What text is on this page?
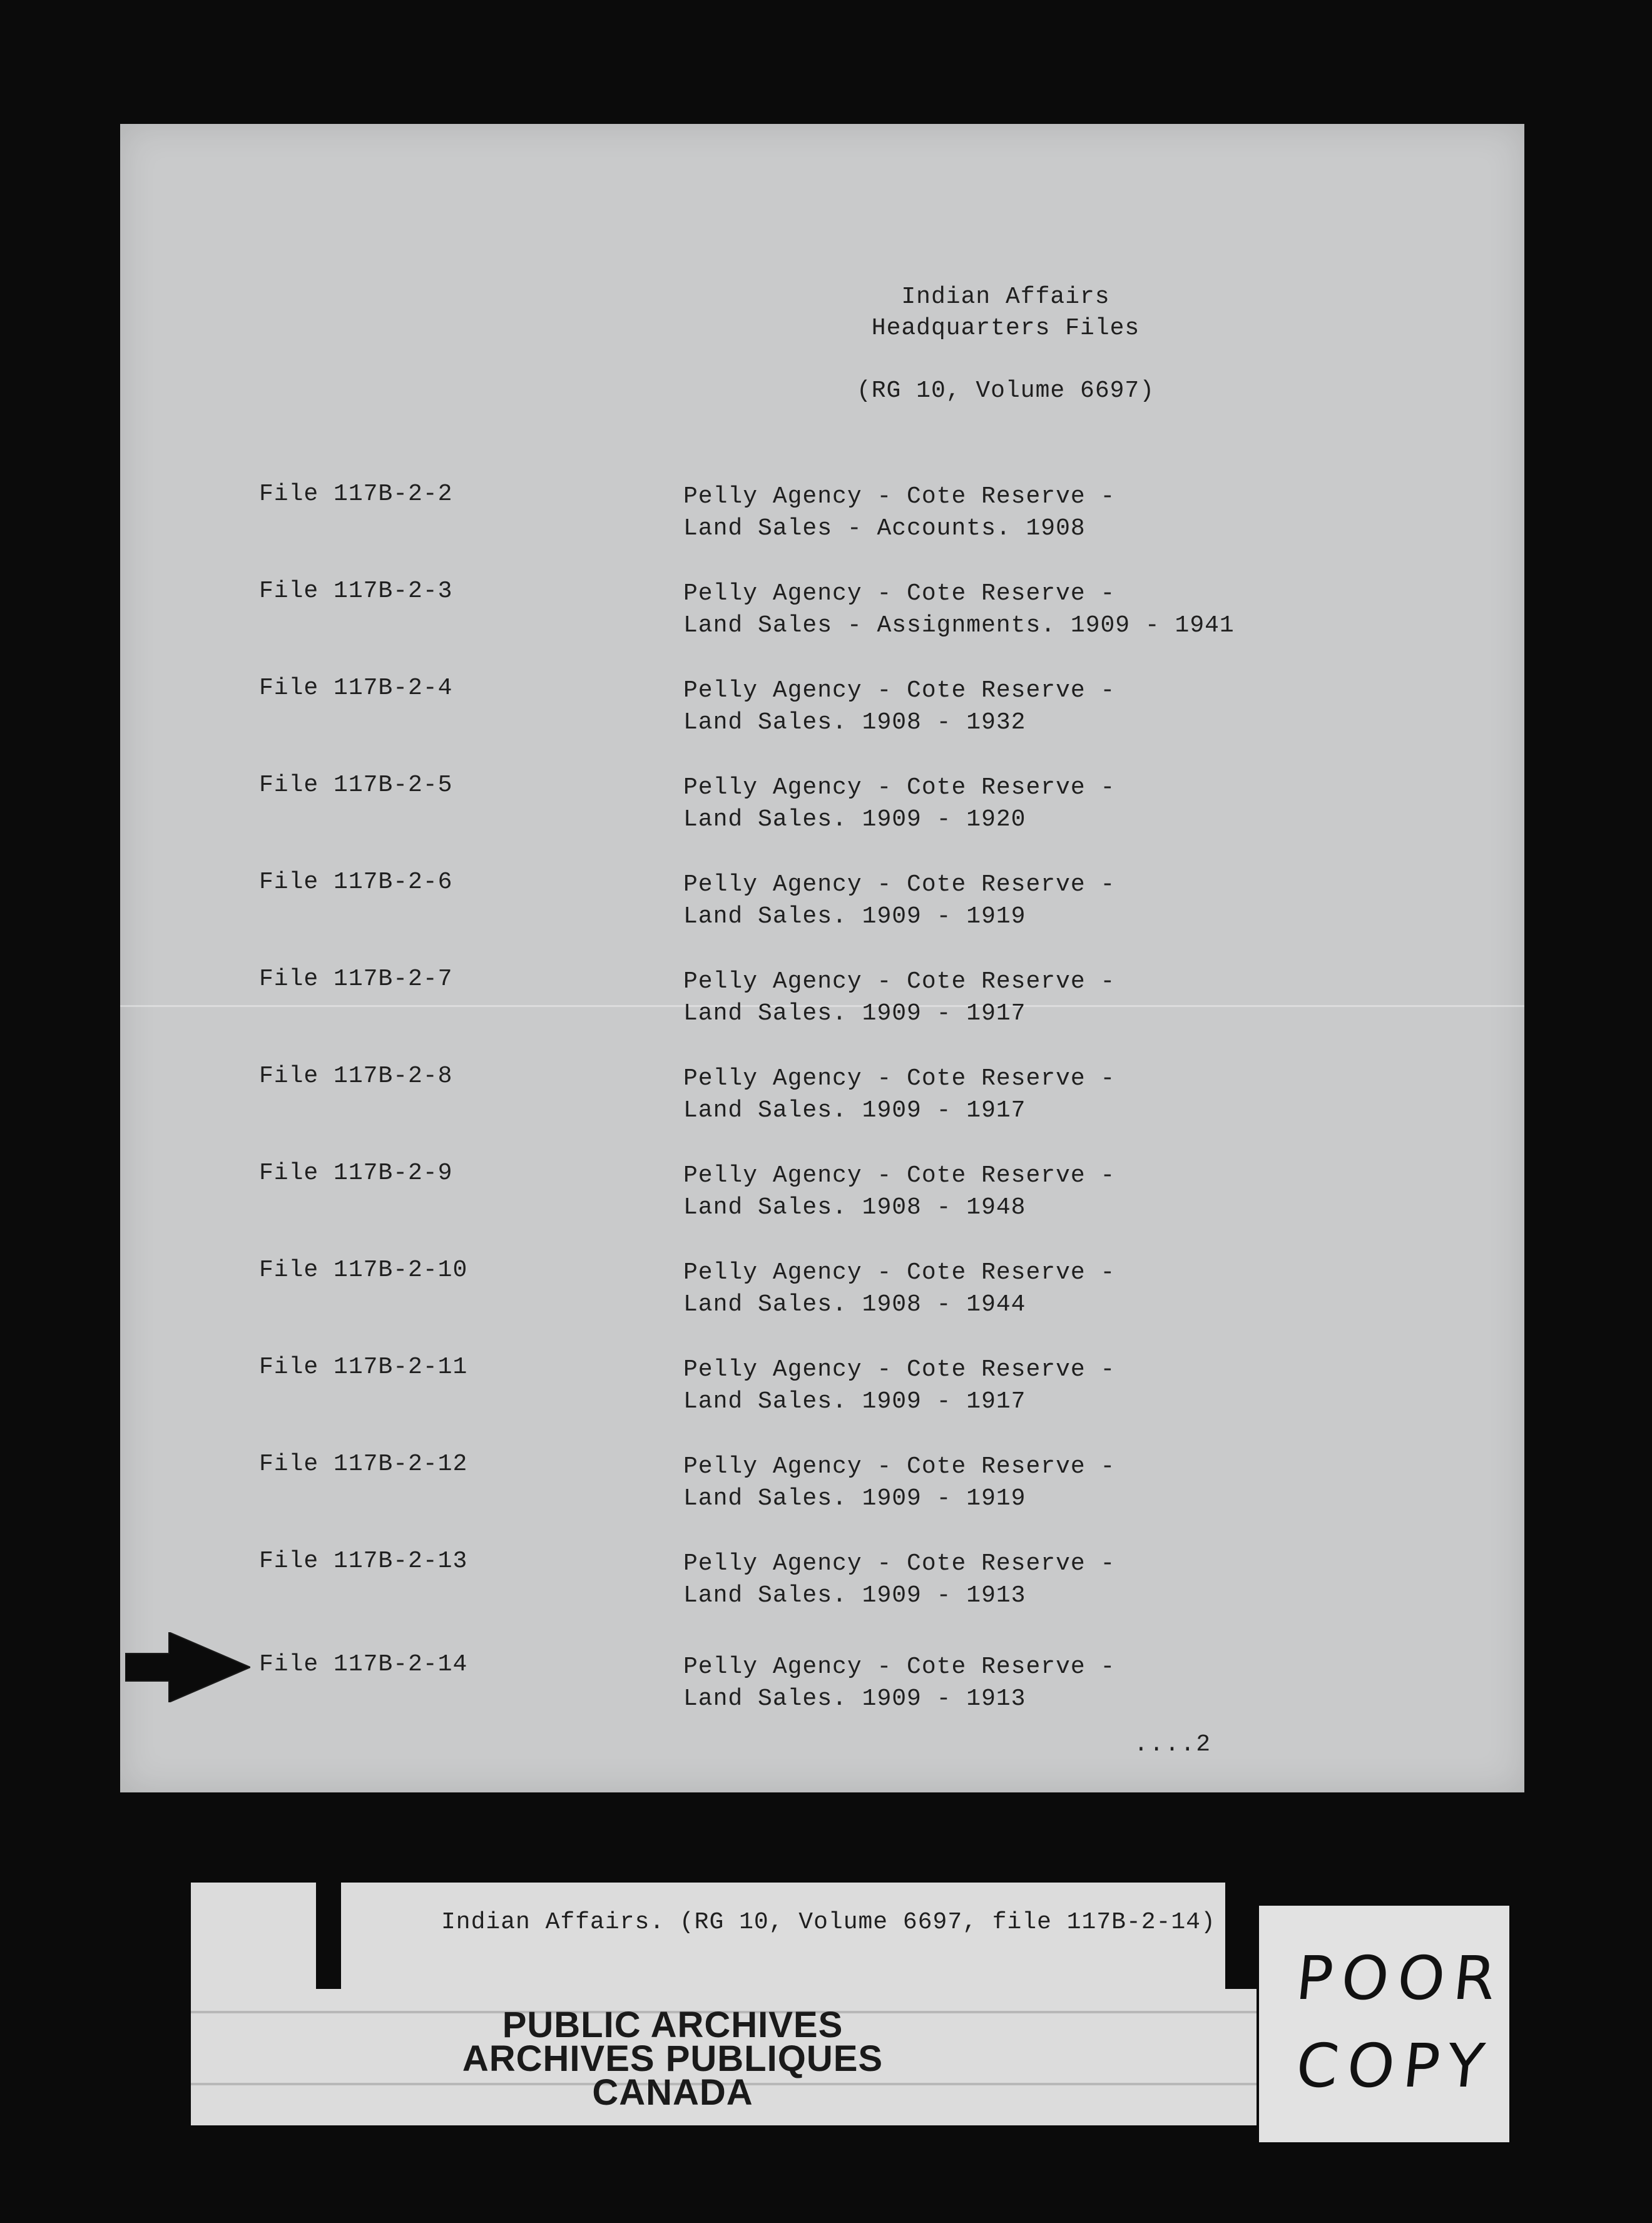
Indian Affairs
Headquarters Files
(RG 10, Volume 6697)
File 117B-2-2	Pelly Agency - Cote Reserve -
Land Sales - Accounts. 1908
File 117B-2-3	Pelly Agency - Cote Reserve -
Land Sales - Assignments. 1909 - 1941
File 117B-2-4	Pelly Agency - Cote Reserve -
Land Sales. 1908 - 1932
File 117B-2-5	Pelly Agency - Cote Reserve -
Land Sales. 1909 - 1920
File 117B-2-6	Pelly Agency - Cote Reserve -
Land Sales. 1909 - 1919
File 117B-2-7	Pelly Agency - Cote Reserve -
Land Sales. 1909 - 1917
File 117B-2-8	Pelly Agency - Cote Reserve -
Land Sales. 1909 - 1917
File 117B-2-9	Pelly Agency - Cote Reserve -
Land Sales. 1908 - 1948
File 117B-2-10	Pelly Agency - Cote Reserve -
Land Sales. 1908 - 1944
File 117B-2-11	Pelly Agency - Cote Reserve -
Land Sales. 1909 - 1917
File 117B-2-12	Pelly Agency - Cote Reserve -
Land Sales. 1909 - 1919
File 117B-2-13	Pelly Agency - Cote Reserve -
Land Sales. 1909 - 1913
File 117B-2-14	Pelly Agency - Cote Reserve -
Land Sales. 1909 - 1913
....2
Indian Affairs. (RG 10, Volume 6697, file 117B-2-14)
PUBLIC ARCHIVES
ARCHIVES PUBLIQUES
CANADA
POOR
COPY
